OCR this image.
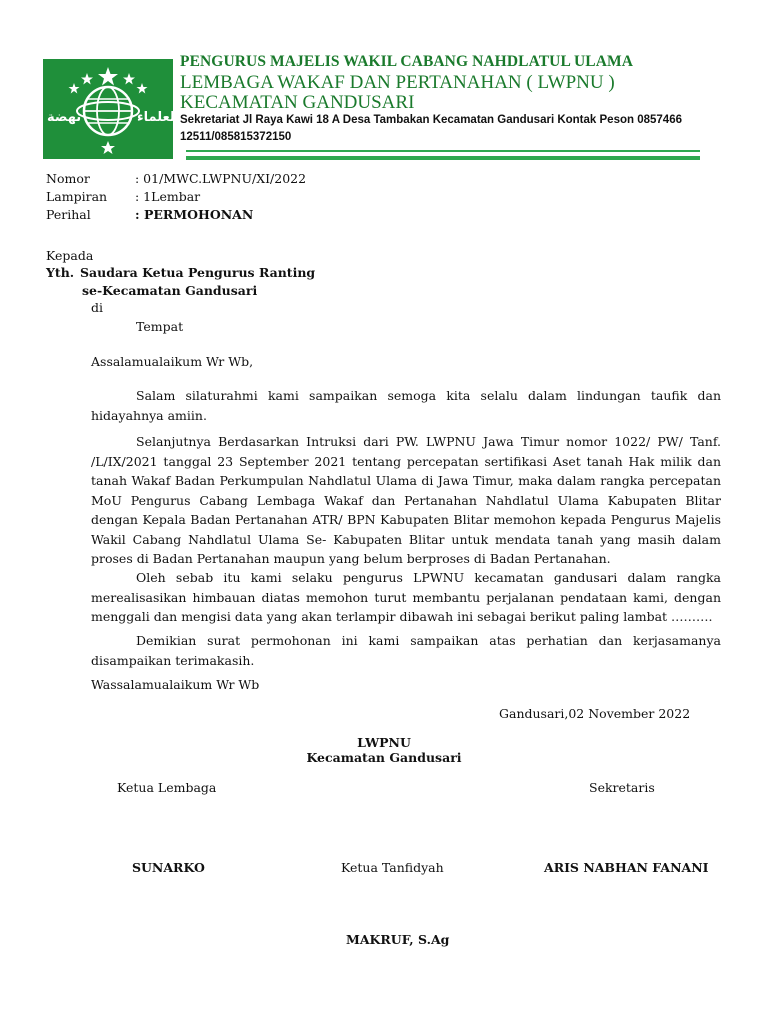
ﻧﻬﻀﺔ	ﺍﻟﻌﻠﻤﺎء
PENGURUS MAJELIS WAKIL CABANG NAHDLATUL ULAMA
LEMBAGA WAKAF DAN PERTANAHAN ( LWPNU )
KECAMATAN GANDUSARI
Sekretariat Jl Raya Kawi 18 A Desa Tambakan Kecamatan Gandusari Kontak Peson 0857466 12511/085815372150
Nomor	: 01/MWC.LWPNU/XI/2022
Lampiran : 1Lembar
Perihal	: PERMOHONAN
Kepada
Yth. Saudara Ketua Pengurus Ranting
se-Kecamatan Gandusari
di
Tempat
Assalamualaikum Wr Wb,
Salam silaturahmi kami sampaikan semoga kita selalu dalam lindungan taufik dan hidayahnya amiin.
Selanjutnya Berdasarkan Intruksi dari PW. LWPNU Jawa Timur nomor 1022/ PW/ Tanf. /L/IX/2021 tanggal 23 September 2021 tentang percepatan sertifikasi Aset tanah Hak milik dan tanah Wakaf Badan Perkumpulan Nahdlatul Ulama di Jawa Timur, maka dalam rangka percepatan MoU Pengurus Cabang Lembaga Wakaf dan Pertanahan Nahdlatul Ulama Kabupaten Blitar dengan Kepala Badan Pertanahan ATR/ BPN Kabupaten Blitar memohon kepada Pengurus Majelis Wakil Cabang Nahdlatul Ulama Se- Kabupaten Blitar untuk mendata tanah yang masih dalam proses di Badan Pertanahan maupun yang belum berproses di Badan Pertanahan.
Oleh sebab itu kami selaku pengurus LPWNU kecamatan gandusari dalam rangka merealisasikan himbauan diatas memohon turut membantu perjalanan pendataan kami, dengan menggali dan mengisi data yang akan terlampir dibawah ini sebagai berikut paling lambat ……….
Demikian surat permohonan ini kami sampaikan atas perhatian dan kerjasamanya disampaikan terimakasih.
Wassalamualaikum Wr Wb
Gandusari,02 November 2022
LWPNU
Kecamatan Gandusari
Ketua Lembaga	Sekretaris
SUNARKO	Ketua Tanfidyah	ARIS NABHAN FANANI
MAKRUF, S.Ag
